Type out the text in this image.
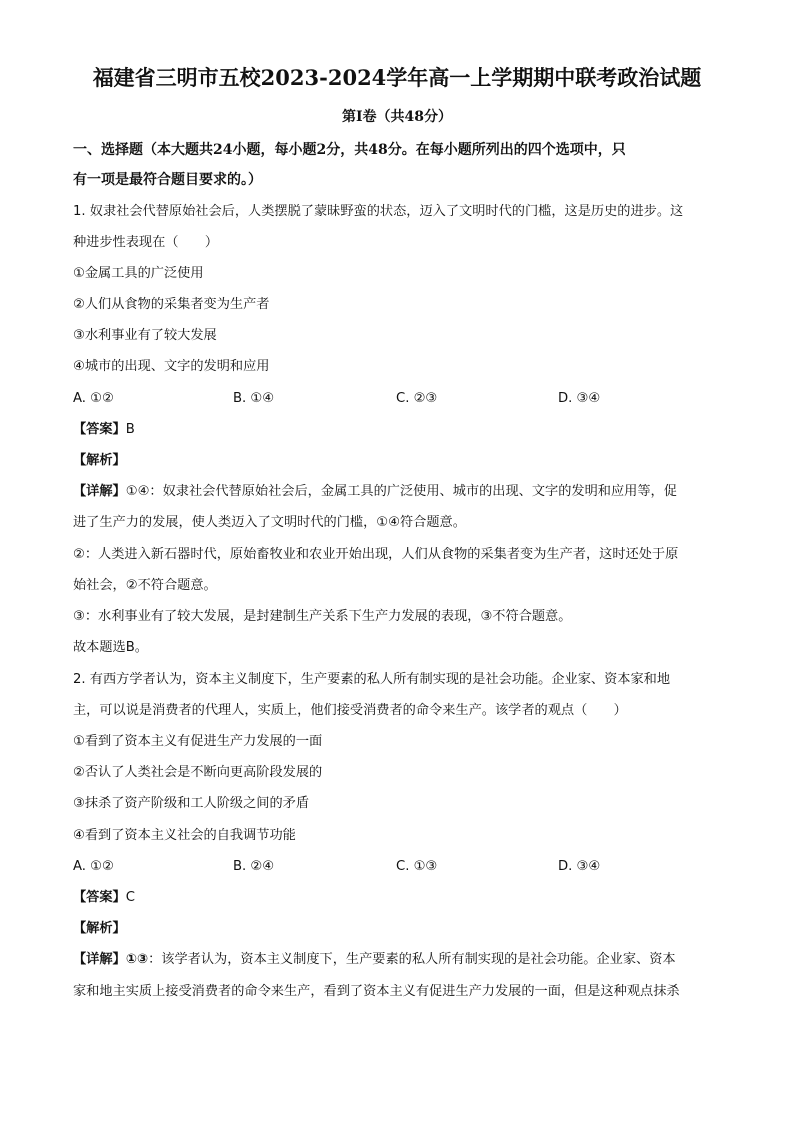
福建省三明市五校2023-2024学年高一上学期期中联考政治试题
第I卷（共48分）
一、选择题（本大题共24小题，每小题2分，共48分。在每小题所列出的四个选项中，只
有一项是最符合题目要求的。）
1. 奴隶社会代替原始社会后，人类摆脱了蒙昧野蛮的状态，迈入了文明时代的门槛，这是历史的进步。这
种进步性表现在（　　）
①金属工具的广泛使用
②人们从食物的采集者变为生产者
③水利事业有了较大发展
④城市的出现、文字的发明和应用
A. ①②	B. ①④	C. ②③	D. ③④
【答案】B
【解析】
【详解】①④：奴隶社会代替原始社会后，金属工具的广泛使用、城市的出现、文字的发明和应用等，促
进了生产力的发展，使人类迈入了文明时代的门槛，①④符合题意。
②：人类进入新石器时代，原始畜牧业和农业开始出现，人们从食物的采集者变为生产者，这时还处于原
始社会，②不符合题意。
③：水利事业有了较大发展，是封建制生产关系下生产力发展的表现，③不符合题意。
故本题选B。
2. 有西方学者认为，资本主义制度下，生产要素的私人所有制实现的是社会功能。企业家、资本家和地
主，可以说是消费者的代理人，实质上，他们接受消费者的命令来生产。该学者的观点（　　）
①看到了资本主义有促进生产力发展的一面
②否认了人类社会是不断向更高阶段发展的
③抹杀了资产阶级和工人阶级之间的矛盾
④看到了资本主义社会的自我调节功能
A. ①②	B. ②④	C. ①③	D. ③④
【答案】C
【解析】
【详解】①③：该学者认为，资本主义制度下，生产要素的私人所有制实现的是社会功能。企业家、资本
家和地主实质上接受消费者的命令来生产，看到了资本主义有促进生产力发展的一面，但是这种观点抹杀
